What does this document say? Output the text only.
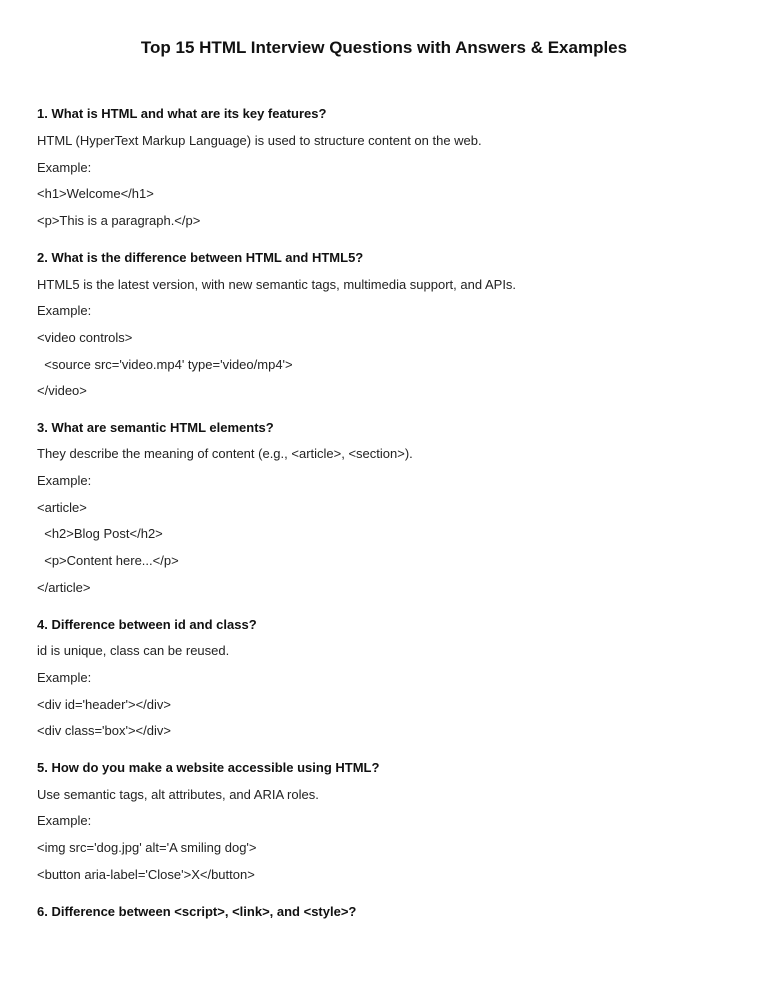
Top 15 HTML Interview Questions with Answers & Examples
1. What is HTML and what are its key features?
HTML (HyperText Markup Language) is used to structure content on the web.
Example:
<h1>Welcome</h1>
<p>This is a paragraph.</p>
2. What is the difference between HTML and HTML5?
HTML5 is the latest version, with new semantic tags, multimedia support, and APIs.
Example:
<video controls>
<source src='video.mp4' type='video/mp4'>
</video>
3. What are semantic HTML elements?
They describe the meaning of content (e.g., <article>, <section>).
Example:
<article>
<h2>Blog Post</h2>
<p>Content here...</p>
</article>
4. Difference between id and class?
id is unique, class can be reused.
Example:
<div id='header'></div>
<div class='box'></div>
5. How do you make a website accessible using HTML?
Use semantic tags, alt attributes, and ARIA roles.
Example:
<img src='dog.jpg' alt='A smiling dog'>
<button aria-label='Close'>X</button>
6. Difference between <script>, <link>, and <style>?
